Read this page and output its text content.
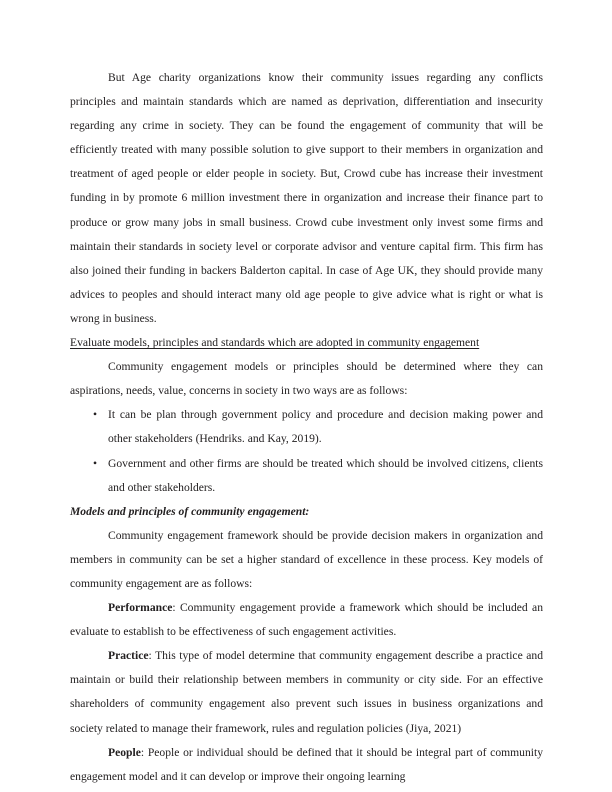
But Age charity organizations know their community issues regarding any conflicts principles and maintain standards which are named as deprivation, differentiation and insecurity regarding any crime in society. They can be found the engagement of community that will be efficiently treated with many possible solution to give support to their members in organization and treatment of aged people or elder people in society. But, Crowd cube has increase their investment funding in by promote 6 million investment there in organization and increase their finance part to produce or grow many jobs in small business. Crowd cube investment only invest some firms and maintain their standards in society level or corporate advisor and venture capital firm. This firm has also joined their funding in backers Balderton capital. In case of Age UK, they should provide many advices to peoples and should interact many old age people to give advice what is right or what is wrong in business.

Evaluate models, principles and standards which are adopted in community engagement

Community engagement models or principles should be determined where they can aspirations, needs, value, concerns in society in two ways are as follows:

• It can be plan through government policy and procedure and decision making power and other stakeholders (Hendriks. and Kay, 2019).
• Government and other firms are should be treated which should be involved citizens, clients and other stakeholders.

Models and principles of community engagement:

Community engagement framework should be provide decision makers in organization and members in community can be set a higher standard of excellence in these process. Key models of community engagement are as follows:

Performance: Community engagement provide a framework which should be included an evaluate to establish to be effectiveness of such engagement activities.

Practice: This type of model determine that community engagement describe a practice and maintain or build their relationship between members in community or city side. For an effective shareholders of community engagement also prevent such issues in business organizations and society related to manage their framework, rules and regulation policies (Jiya, 2021)

People: People or individual should be defined that it should be integral part of community engagement model and it can develop or improve their ongoing learning
